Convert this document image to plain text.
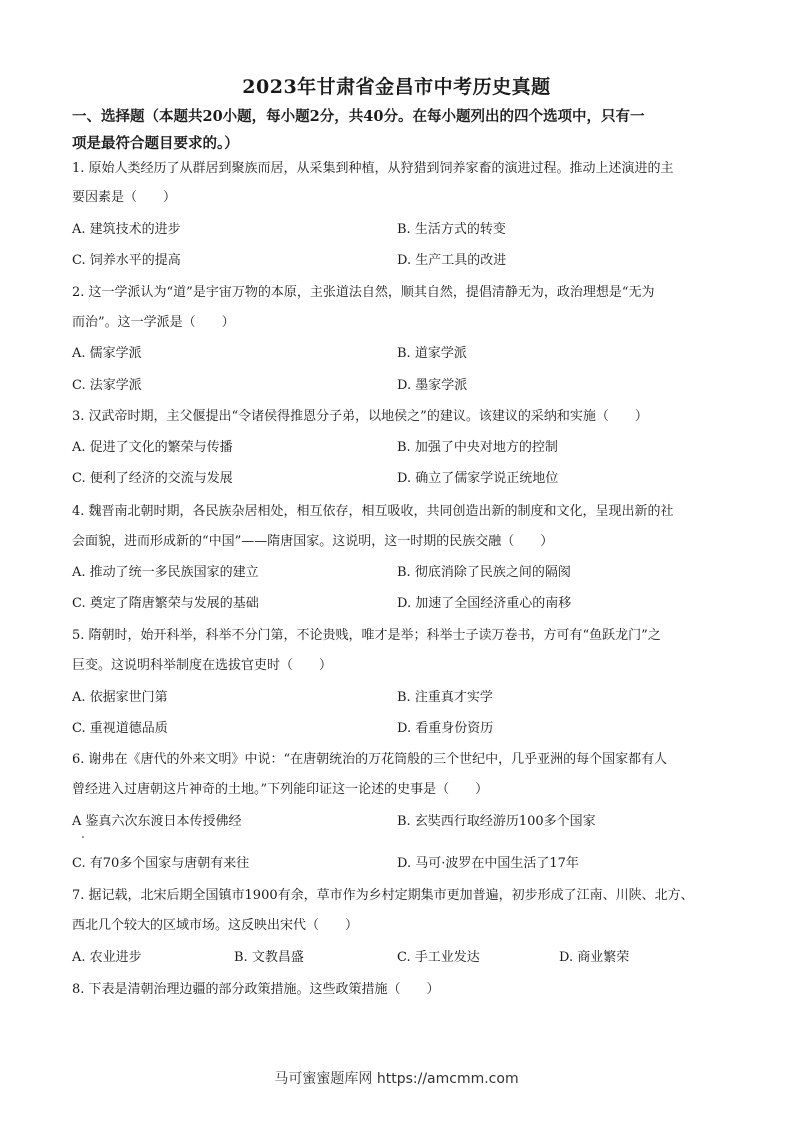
2023年甘肃省金昌市中考历史真题
一、选择题（本题共20小题，每小题2分，共40分。在每小题列出的四个选项中，只有一
项是最符合题目要求的。）
1. 原始人类经历了从群居到聚族而居，从采集到种植，从狩猎到饲养家畜的演进过程。推动上述演进的主
要因素是（　　）
A. 建筑技术的进步	B. 生活方式的转变
C. 饲养水平的提高	D. 生产工具的改进
2. 这一学派认为“道”是宇宙万物的本原，主张道法自然，顺其自然，提倡清静无为，政治理想是“无为
而治”。这一学派是（　　）
A. 儒家学派	B. 道家学派
C. 法家学派	D. 墨家学派
3. 汉武帝时期，主父偃提出“令诸侯得推恩分子弟，以地侯之”的建议。该建议的采纳和实施（　　）
A. 促进了文化的繁荣与传播	B. 加强了中央对地方的控制
C. 便利了经济的交流与发展	D. 确立了儒家学说正统地位
4. 魏晋南北朝时期，各民族杂居相处，相互依存，相互吸收，共同创造出新的制度和文化，呈现出新的社
会面貌，进而形成新的“中国”——隋唐国家。这说明，这一时期的民族交融（　　）
A. 推动了统一多民族国家的建立	B. 彻底消除了民族之间的隔阂
C. 奠定了隋唐繁荣与发展的基础	D. 加速了全国经济重心的南移
5. 隋朝时，始开科举，科举不分门第，不论贵贱，唯才是举；科举士子读万卷书，方可有“鱼跃龙门”之
巨变。这说明科举制度在选拔官吏时（　　）
A. 依据家世门第	B. 注重真才实学
C. 重视道德品质	D. 看重身份资历
6. 谢弗在《唐代的外来文明》中说：“在唐朝统治的万花筒般的三个世纪中，几乎亚洲的每个国家都有人
曾经进入过唐朝这片神奇的土地。”下列能印证这一论述的史事是（　　）
A 鉴真六次东渡日本传授佛经	B. 玄奘西行取经游历100多个国家
C. 有70多个国家与唐朝有来往	D. 马可·波罗在中国生活了17年
7. 据记载，北宋后期全国镇市1900有余，草市作为乡村定期集市更加普遍，初步形成了江南、川陕、北方、
西北几个较大的区域市场。这反映出宋代（　　）
A. 农业进步	B. 文教昌盛	C. 手工业发达	D. 商业繁荣
8. 下表是清朝治理边疆的部分政策措施。这些政策措施（　　）
马可蜜蜜题库网 https://amcmm.com
